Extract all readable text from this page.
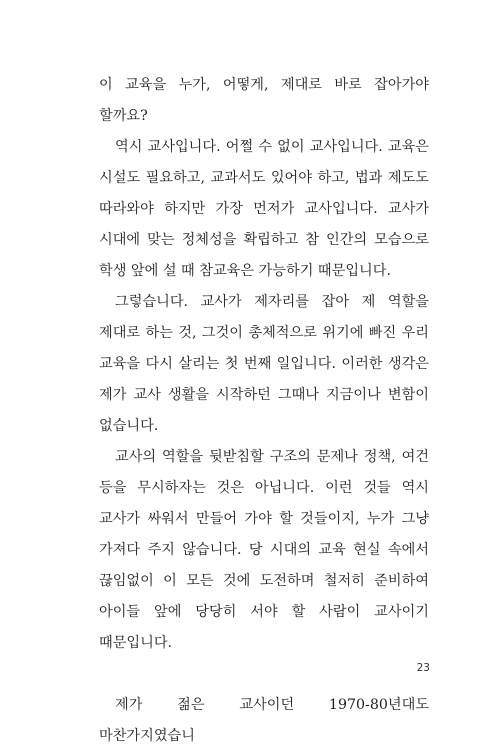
이 교육을 누가, 어떻게, 제대로 바로 잡아가야 할까요?

역시 교사입니다. 어쩔 수 없이 교사입니다. 교육은 시설도 필요하고, 교과서도 있어야 하고, 법과 제도도 따라와야 하지만 가장 먼저가 교사입니다. 교사가 시대에 맞는 정체성을 확립하고 참 인간의 모습으로 학생 앞에 설 때 참교육은 가능하기 때문입니다.

그렇습니다. 교사가 제자리를 잡아 제 역할을 제대로 하는 것, 그것이 총체적으로 위기에 빠진 우리 교육을 다시 살리는 첫 번째 일입니다. 이러한 생각은 제가 교사 생활을 시작하던 그때나 지금이나 변함이 없습니다.

교사의 역할을 뒷받침할 구조의 문제나 정책, 여건 등을 무시하자는 것은 아닙니다. 이런 것들 역시 교사가 싸워서 만들어 가야 할 것들이지, 누가 그냥 가져다 주지 않습니다. 당 시대의 교육 현실 속에서 끊임없이 이 모든 것에 도전하며 철저히 준비하여 아이들 앞에 당당히 서야 할 사람이 교사이기 때문입니다.

제가 젊은 교사이던 1970-80년대도 마찬가지였습니

23
